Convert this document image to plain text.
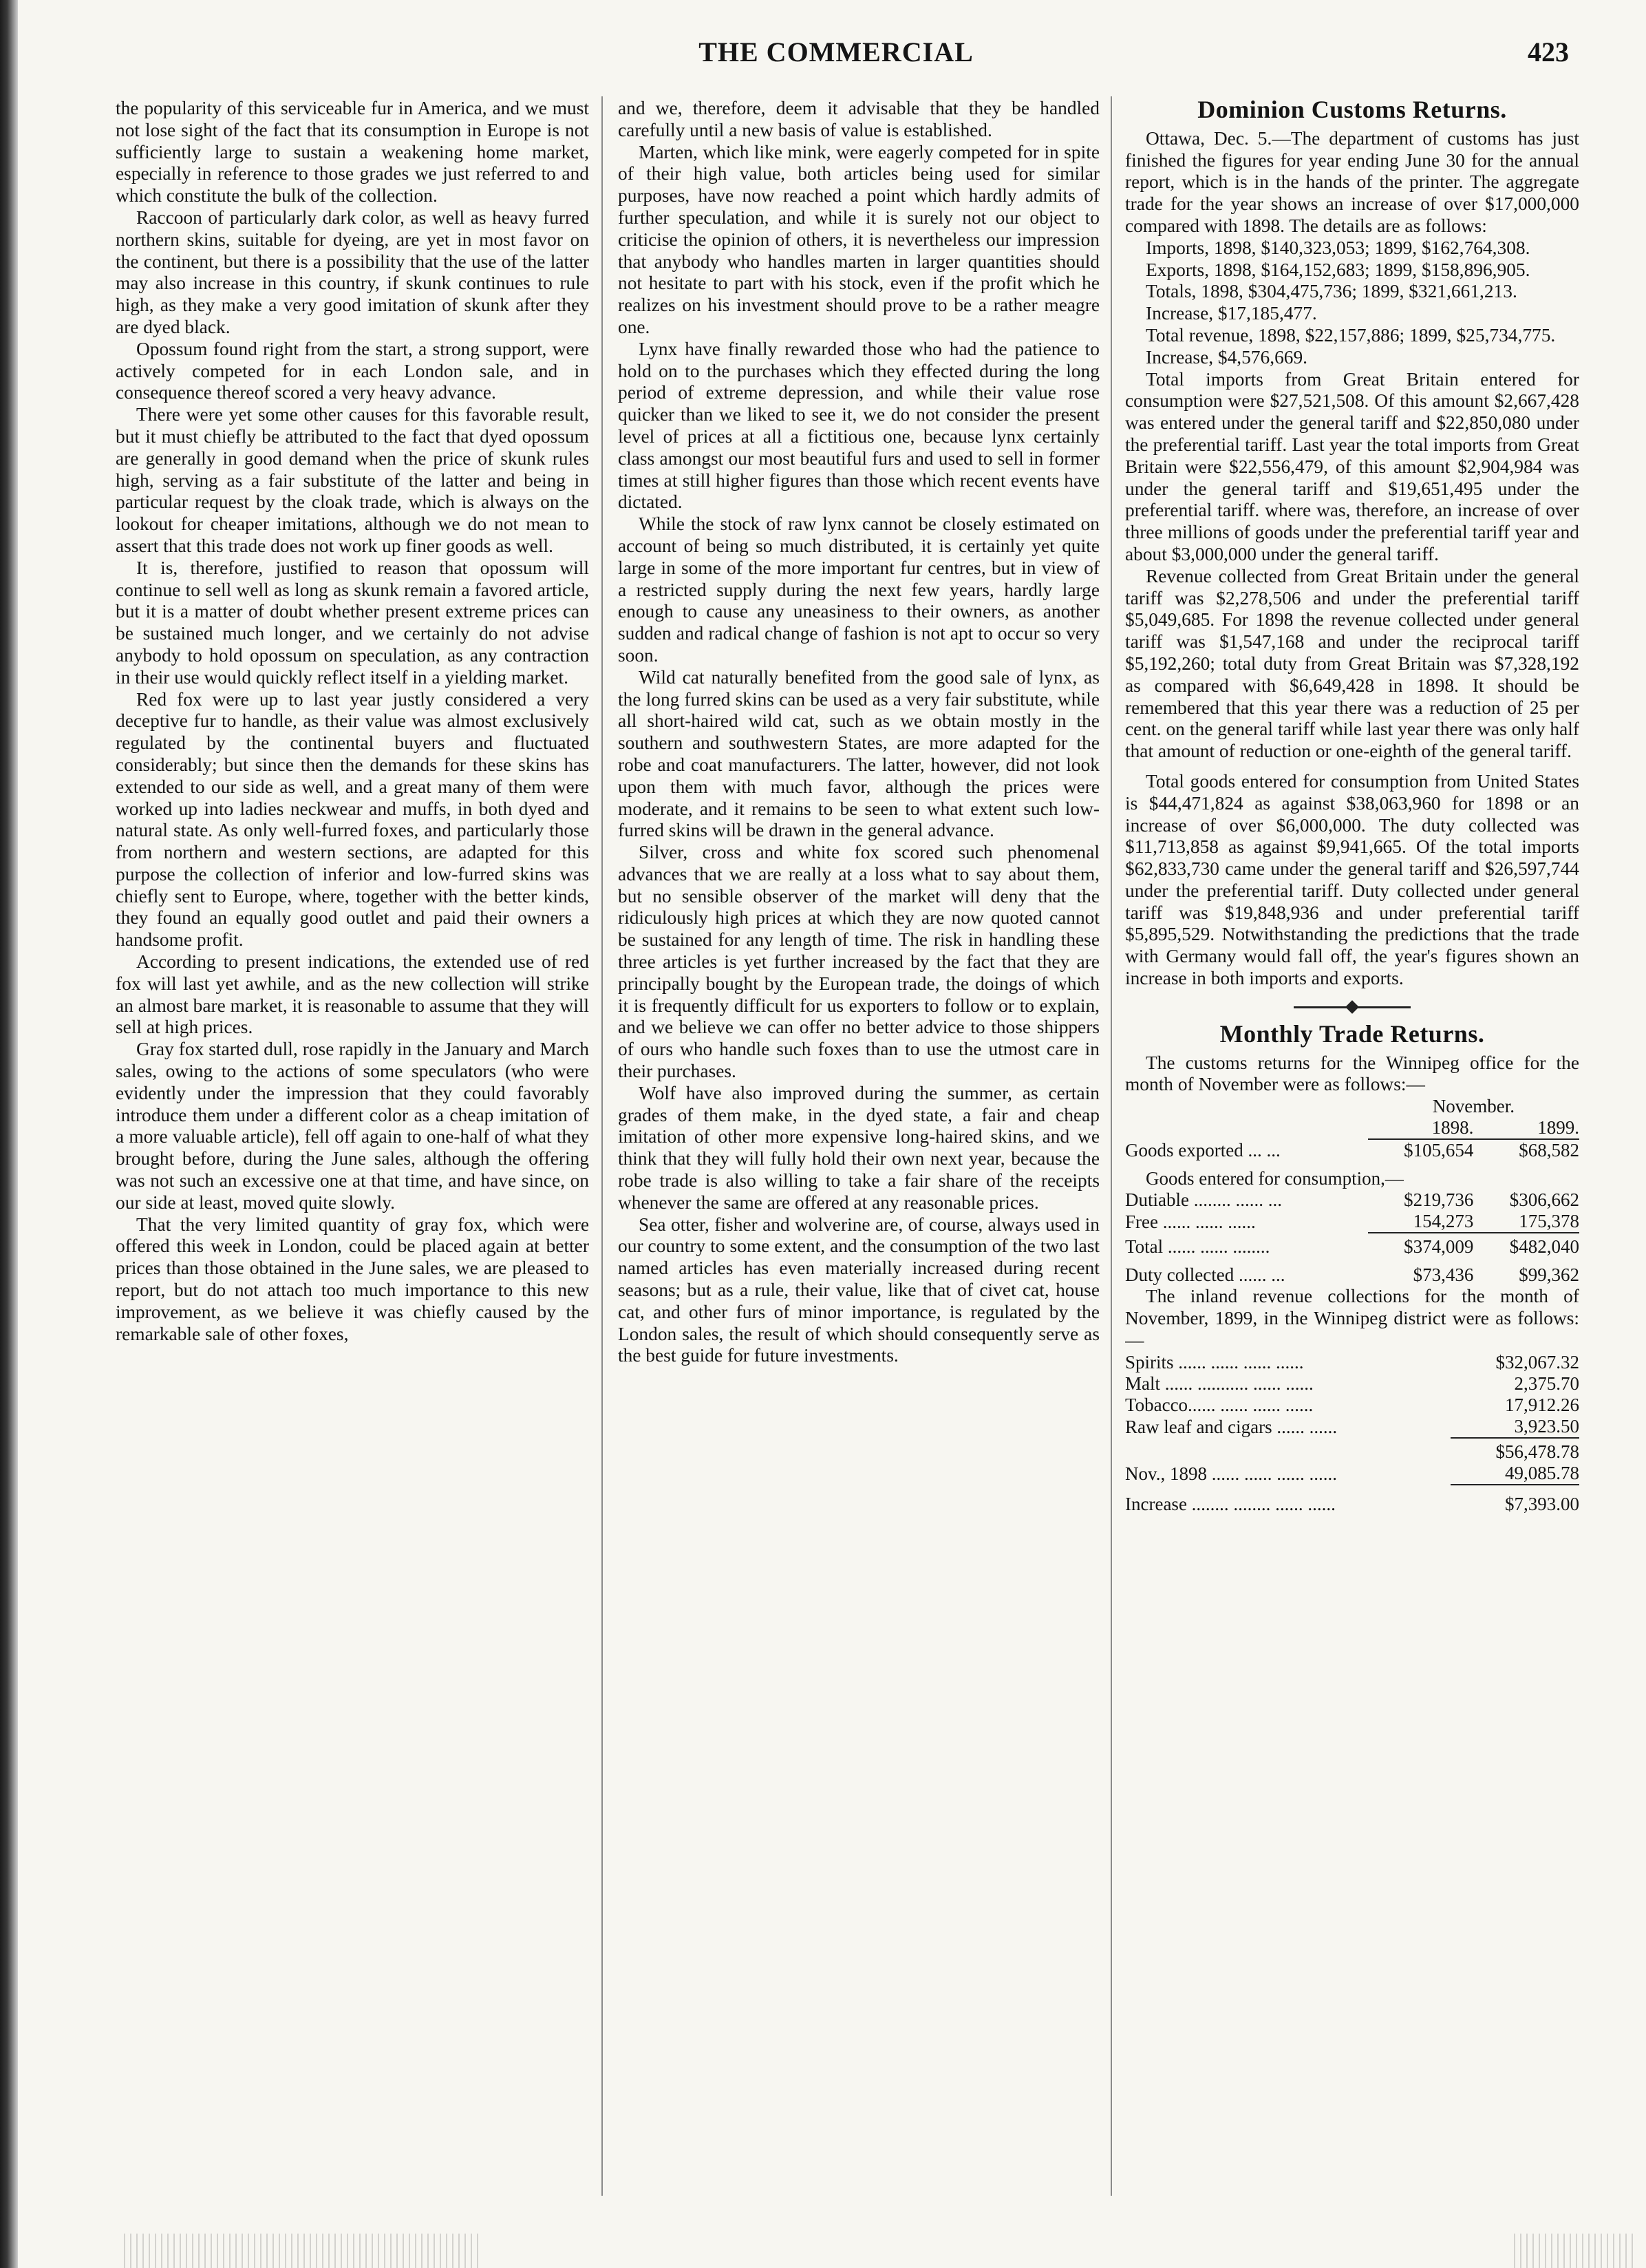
THE COMMERCIAL	423

the popularity of this serviceable fur in America, and we must not lose sight of the fact that its consumption in Europe is not sufficiently large to sustain a weakening home market, especially in reference to those grades we just referred to and which constitute the bulk of the collection.

Raccoon of particularly dark color, as well as heavy furred northern skins, suitable for dyeing, are yet in most favor on the continent, but there is a possibility that the use of the latter may also increase in this country, if skunk continues to rule high, as they make a very good imitation of skunk after they are dyed black.

Opossum found right from the start, a strong support, were actively competed for in each London sale, and in consequence thereof scored a very heavy advance.

There were yet some other causes for this favorable result, but it must chiefly be attributed to the fact that dyed opossum are generally in good demand when the price of skunk rules high, serving as a fair substitute of the latter and being in particular request by the cloak trade, which is always on the lookout for cheaper imitations, although we do not mean to assert that this trade does not work up finer goods as well.

It is, therefore, justified to reason that opossum will continue to sell well as long as skunk remain a favored article, but it is a matter of doubt whether present extreme prices can be sustained much longer, and we certainly do not advise anybody to hold opossum on speculation, as any contraction in their use would quickly reflect itself in a yielding market.

Red fox were up to last year justly considered a very deceptive fur to handle, as their value was almost exclusively regulated by the continental buyers and fluctuated considerably; but since then the demands for these skins has extended to our side as well, and a great many of them were worked up into ladies neckwear and muffs, in both dyed and natural state. As only well-furred foxes, and particularly those from northern and western sections, are adapted for this purpose the collection of inferior and low-furred skins was chiefly sent to Europe, where, together with the better kinds, they found an equally good outlet and paid their owners a handsome profit.

According to present indications, the extended use of red fox will last yet awhile, and as the new collection will strike an almost bare market, it is reasonable to assume that they will sell at high prices.

Gray fox started dull, rose rapidly in the January and March sales, owing to the actions of some speculators (who were evidently under the impression that they could favorably introduce them under a different color as a cheap imitation of a more valuable article), fell off again to one-half of what they brought before, during the June sales, although the offering was not such an excessive one at that time, and have since, on our side at least, moved quite slowly.

That the very limited quantity of gray fox, which were offered this week in London, could be placed again at better prices than those obtained in the June sales, we are pleased to report, but do not attach too much importance to this new improvement, as we believe it was chiefly caused by the remarkable sale of other foxes,

and we, therefore, deem it advisable that they be handled carefully until a new basis of value is established.

Marten, which like mink, were eagerly competed for in spite of their high value, both articles being used for similar purposes, have now reached a point which hardly admits of further speculation, and while it is surely not our object to criticise the opinion of others, it is nevertheless our impression that anybody who handles marten in larger quantities should not hesitate to part with his stock, even if the profit which he realizes on his investment should prove to be a rather meagre one.

Lynx have finally rewarded those who had the patience to hold on to the purchases which they effected during the long period of extreme depression, and while their value rose quicker than we liked to see it, we do not consider the present level of prices at all a fictitious one, because lynx certainly class amongst our most beautiful furs and used to sell in former times at still higher figures than those which recent events have dictated.

While the stock of raw lynx cannot be closely estimated on account of being so much distributed, it is certainly yet quite large in some of the more important fur centres, but in view of a restricted supply during the next few years, hardly large enough to cause any uneasiness to their owners, as another sudden and radical change of fashion is not apt to occur so very soon.

Wild cat naturally benefited from the good sale of lynx, as the long furred skins can be used as a very fair substitute, while all short-haired wild cat, such as we obtain mostly in the southern and southwestern States, are more adapted for the robe and coat manufacturers. The latter, however, did not look upon them with much favor, although the prices were moderate, and it remains to be seen to what extent such low-furred skins will be drawn in the general advance.

Silver, cross and white fox scored such phenomenal advances that we are really at a loss what to say about them, but no sensible observer of the market will deny that the ridiculously high prices at which they are now quoted cannot be sustained for any length of time. The risk in handling these three articles is yet further increased by the fact that they are principally bought by the European trade, the doings of which it is frequently difficult for us exporters to follow or to explain, and we believe we can offer no better advice to those shippers of ours who handle such foxes than to use the utmost care in their purchases.

Wolf have also improved during the summer, as certain grades of them make, in the dyed state, a fair and cheap imitation of other more expensive long-haired skins, and we think that they will fully hold their own next year, because the robe trade is also willing to take a fair share of the receipts whenever the same are offered at any reasonable prices.

Sea otter, fisher and wolverine are, of course, always used in our country to some extent, and the consumption of the two last named articles has even materially increased during recent seasons; but as a rule, their value, like that of civet cat, house cat, and other furs of minor importance, is regulated by the London sales, the result of which should consequently serve as the best guide for future investments.

Dominion Customs Returns.

Ottawa, Dec. 5.—The department of customs has just finished the figures for year ending June 30 for the annual report, which is in the hands of the printer. The aggregate trade for the year shows an increase of over $17,000,000 compared with 1898. The details are as follows:

Imports, 1898, $140,323,053; 1899, $162,764,308.

Exports, 1898, $164,152,683; 1899, $158,896,905.

Totals, 1898, $304,475,736; 1899, $321,661,213.

Increase, $17,185,477.

Total revenue, 1898, $22,157,886; 1899, $25,734,775.

Increase, $4,576,669.

Total imports from Great Britain entered for consumption were $27,521,508. Of this amount $2,667,428 was entered under the general tariff and $22,850,080 under the preferential tariff. Last year the total imports from Great Britain were $22,556,479, of this amount $2,904,984 was under the general tariff and $19,651,495 under the preferential tariff. where was, therefore, an increase of over three millions of goods under the preferential tariff year and about $3,000,000 under the general tariff.

Revenue collected from Great Britain under the general tariff was $2,278,506 and under the preferential tariff $5,049,685. For 1898 the revenue collected under general tariff was $1,547,168 and under the reciprocal tariff $5,192,260; total duty from Great Britain was $7,328,192 as compared with $6,649,428 in 1898. It should be remembered that this year there was a reduction of 25 per cent. on the general tariff while last year there was only half that amount of reduction or one-eighth of the general tariff.

Total goods entered for consumption from United States is $44,471,824 as against $38,063,960 for 1898 or an increase of over $6,000,000. The duty collected was $11,713,858 as against $9,941,665. Of the total imports $62,833,730 came under the general tariff and $26,597,744 under the preferential tariff. Duty collected under general tariff was $19,848,936 and under preferential tariff $5,895,529. Notwithstanding the predictions that the trade with Germany would fall off, the year's figures shown an increase in both imports and exports.

Monthly Trade Returns.

The customs returns for the Winnipeg office for the month of November were as follows:—

	November.	
	1898.	1899.
Goods exported ... ...	$105,654	$68,582
Goods entered for consumption,—		
Dutiable ........ ...... ...	$219,736	$306,662
Free ...... ...... ......	154,273	175,378
Total ...... ...... ........	$374,009	$482,040
Duty collected ...... ...	$73,436	$99,362

The inland revenue collections for the month of November, 1899, in the Winnipeg district were as follows:—

Spirits ...... ...... ...... ......	$32,067.32
Malt ...... ........... ...... ......	2,375.70
Tobacco...... ...... ...... ......	17,912.26
Raw leaf and cigars ...... ......	3,923.50
	$56,478.78
Nov., 1898 ...... ...... ...... ......	49,085.78
Increase ........ ........ ...... ......	$7,393.00
